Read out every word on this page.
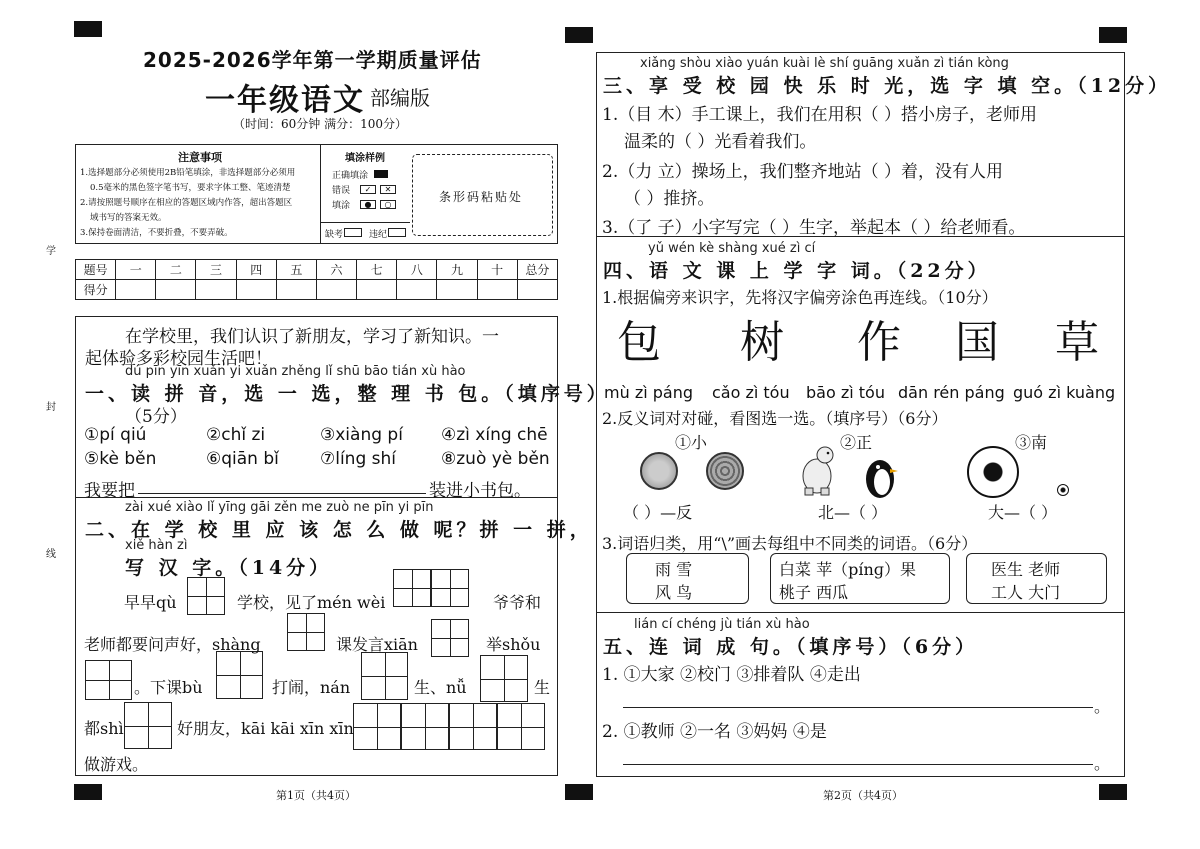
学
封
线
2025-2026学年第一学期质量评估
一年级语文 部编版
（时间：60分钟 满分：100分）
注意事项
1.选择题部分必须使用2B铅笔填涂，非选择题部分必须用
0.5毫米的黑色签字笔书写，要求字体工整、笔迹清楚
2.请按照题号顺序在相应的答题区域内作答，超出答题区
域书写的答案无效。
3.保持卷面清洁，不要折叠，不要弄破。
填涂样例
正确填涂
错误	✓	✕
填涂	●	○
缺考	违纪
条形码粘贴处
题号	一	二	三	四	五	六	七	八	九	十	总分
得分											
在学校里，我们认识了新朋友，学习了新知识。一
起体验多彩校园生活吧！
dú pīn yīn xuǎn yi xuǎn zhěng lǐ shū bāo tián xù hào
一、读 拼 音，选 一 选，整 理 书 包。（填序号）
（5分）
①pí qiú	②chǐ zi	③xiàng pí ④zì xíng chē
⑤kè běn	⑥qiān bǐ ⑦líng shí	⑧zuò yè běn
我要把	装进小书包。
zài xué xiào lǐ yīng gāi zěn me zuò ne pīn yi pīn
二、在 学 校 里 应 该 怎 么 做 呢？拼 一 拼，
xiě hàn zì
写 汉 字。（14分）
早早qù	学校，见了mén wèi	爷爷和
老师都要问声好，shàng	课发言xiān	举shǒu
。下课bù	打闹，nán	生、nǚ	生
都shì	好朋友，kāi kāi xīn xīn
做游戏。
第1页（共4页）
xiǎng shòu xiào yuán kuài lè shí guāng xuǎn zì tián kòng
三、享 受 校 园 快 乐 时 光，选 字 填 空。（12分）
1.（目 木）手工课上，我们在用积（ ）搭小房子，老师用
温柔的（ ）光看着我们。
2.（力 立）操场上，我们整齐地站（ ）着，没有人用
（ ）推挤。
3.（了 子）小字写完（ ）生字，举起本（ ）给老师看。
yǔ wén kè shàng xué zì cí
四、语 文 课 上 学 字 词。（22分）
1.根据偏旁来识字，先将汉字偏旁涂色再连线。（10分）
包 树 作 国 草
mù zì páng cǎo zì tóu bāo zì tóu dān rén páng guó zì kuàng
2.反义词对对碰，看图选一选。（填序号）（6分）
①小	②正	③南
（ ）—反	北—（ ）	大—（ ）
3.词语归类，用“\”画去每组中不同类的词语。（6分）
雨 雪
风 鸟
白菜 苹（pínɡ）果
桃子 西瓜
医生 老师
工人 大门
lián cí chéng jù tián xù hào
五、连 词 成 句。（填序号）（6分）
1. ①大家 ②校门 ③排着队 ④走出
。
2. ①教师 ②一名 ③妈妈 ④是
。
第2页（共4页）
